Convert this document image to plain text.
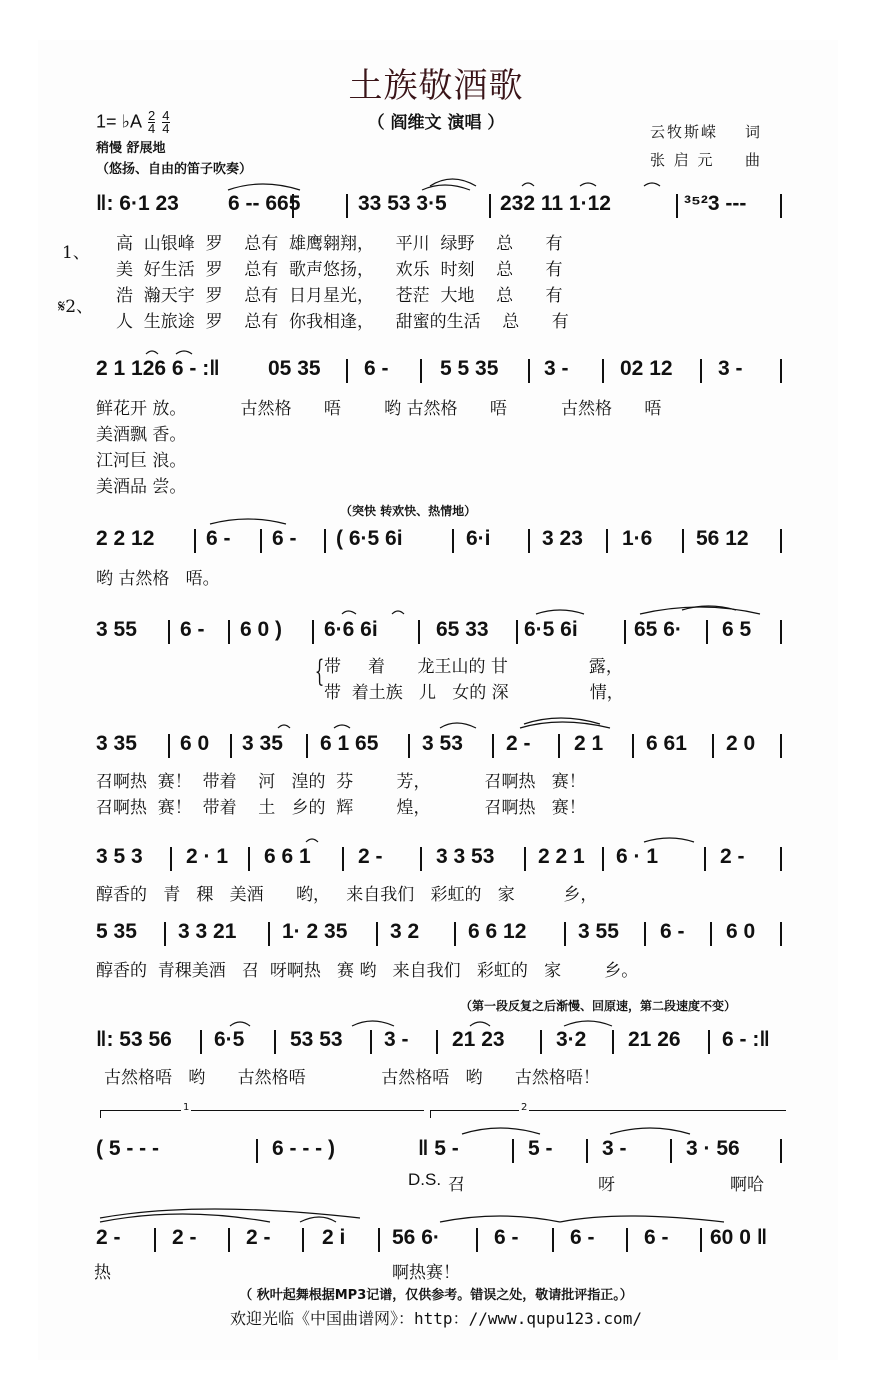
土族敬酒歌
（ 阎维文 演唱 ）
1= ♭A $\frac{2}{4}$
$\frac{4}{4}$
稍慢 舒展地
（悠扬、自由的笛子吹奏）
云牧斯嵘 词
张 启 元 曲
‖: 6·1 23 6 -- 665	33 53 3·5	232 11 1·12	³⁵²3 ---
1、
𝄋2、
高  山银峰  罗    总有  雄鹰翱翔，    平川  绿野    总      有
美  好生活  罗    总有  歌声悠扬，    欢乐  时刻    总      有
浩  瀚天宇  罗    总有  日月星光，    苍茫  大地    总      有
人  生旅途  罗    总有  你我相逢，    甜蜜的生活    总      有
2 1 126 6 - :‖ 05 35 6 - 5 5 35 3 - 02 12 3 -
鲜花开 放。          古然格      唔        哟 古然格      唔          古然格      唔
美酒飘 香。
江河巨 浪。
美酒品 尝。
（突快 转欢快、热情地）
2 2 12 6 - 6 - ( 6·5 6i	6·i 3 23 1·6 56 12
哟 古然格   唔。
3 55 6 - 6 0 ) 6·6 6i	65 33 6·5 6i	65 6· 6 5
{ 带     着      龙王山的 甘               露，
带  着土族   儿   女的 深               情，
3 35 6 0 3 35 6 1 65 3 53 2 - 2 1 6 61 2 0
召啊热  赛！  带着    河   湟的  芬        芳，          召啊热   赛！
召啊热  赛！  带着    土   乡的  辉        煌，          召啊热   赛！
3 5 3 2 · 1 6 6 1 2 -	3 3 53 2 2 1 6 · 1	2 -
醇香的   青   稞   美酒      哟，   来自我们   彩虹的   家         乡，
5 35 3 3 21 1· 2 35 3 2 6 6 12 3 55 6 - 6 0
醇香的  青稞美酒   召  呀啊热   赛 哟   来自我们   彩虹的   家        乡。
（第一段反复之后渐慢、回原速，第二段速度不变）
‖: 53 56 6·5 53 53 3 - 21 23 3·2 21 26 6 - :‖
古然格唔   哟      古然格唔              古然格唔   哟      古然格唔！
1	2
( 5 - - -	6 - - - )	‖ 5 -	5 - 3 -	3 · 56
D.S. 召	呀	啊哈
2 - 2 - 2 - 2 i 56 6·	6 - 6 - 6 - 60 0 ‖
热	啊热赛！
（ 秋叶起舞根据MP3记谱，仅供参考。错误之处，敬请批评指正。）
欢迎光临《中国曲谱网》：http：//www.qupu123.com/
